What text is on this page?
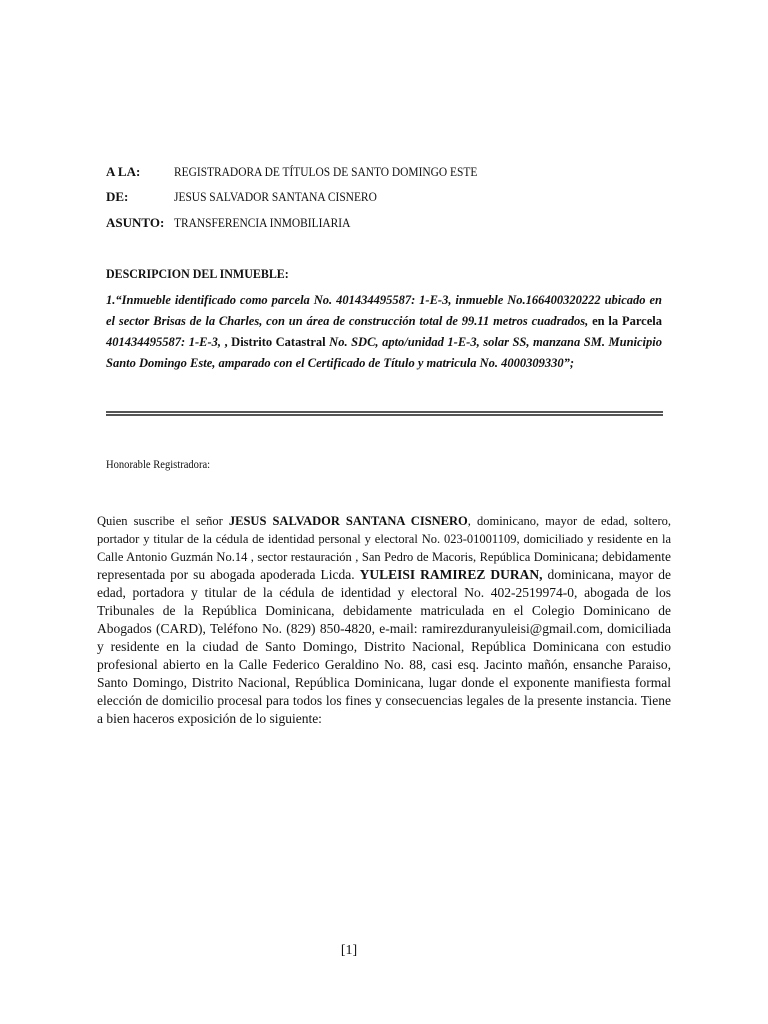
A LA:	REGISTRADORA DE TÍTULOS DE SANTO DOMINGO ESTE
DE:	JESUS SALVADOR SANTANA CISNERO
ASUNTO: TRANSFERENCIA INMOBILIARIA
DESCRIPCION DEL INMUEBLE:
1.“Inmueble identificado como parcela No. 401434495587: 1-E-3, inmueble No.166400320222 ubicado en el sector Brisas de la Charles, con un área de construcción total de 99.11 metros cuadrados, en la Parcela 401434495587: 1-E-3, , Distrito Catastral No. SDC, apto/unidad 1-E-3, solar SS, manzana SM. Municipio Santo Domingo Este, amparado con el Certificado de Título y matricula No. 4000309330”;
Honorable Registradora:
Quien suscribe el señor JESUS SALVADOR SANTANA CISNERO, dominicano, mayor de edad, soltero, portador y titular de la cédula de identidad personal y electoral No. 023-01001109, domiciliado y residente en la Calle Antonio Guzmán No.14 , sector restauración , San Pedro de Macoris, República Dominicana; debidamente representada por su abogada apoderada Licda. YULEISI RAMIREZ DURAN, dominicana, mayor de edad, portadora y titular de la cédula de identidad y electoral No. 402-2519974-0, abogada de los Tribunales de la República Dominicana, debidamente matriculada en el Colegio Dominicano de Abogados (CARD), Teléfono No. (829) 850-4820, e-mail: ramirezduranyuleisi@gmail.com, domiciliada y residente en la ciudad de Santo Domingo, Distrito Nacional, República Dominicana con estudio profesional abierto en la Calle Federico Geraldino No. 88, casi esq. Jacinto mañón, ensanche Paraiso, Santo Domingo, Distrito Nacional, República Dominicana, lugar donde el exponente manifiesta formal elección de domicilio procesal para todos los fines y consecuencias legales de la presente instancia. Tiene a bien haceros exposición de lo siguiente:
[1]
